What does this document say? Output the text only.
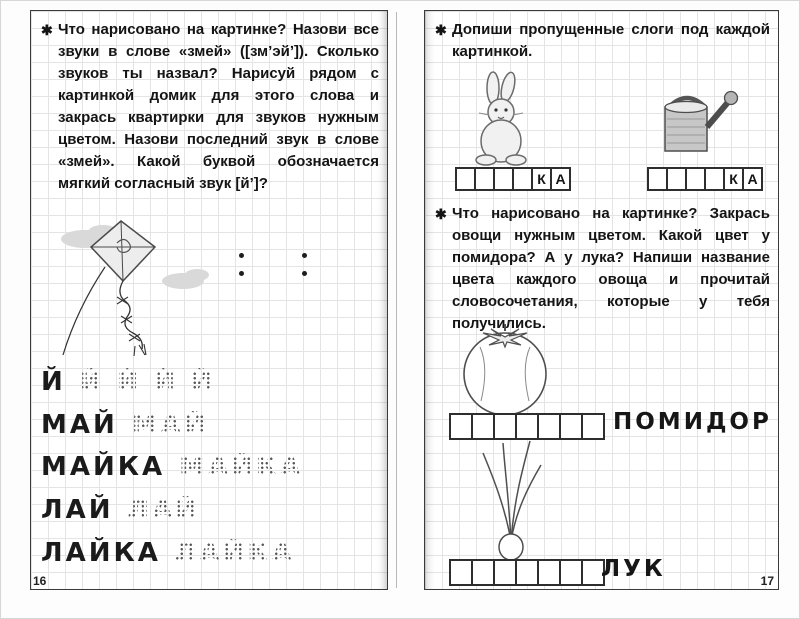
✱ Что нарисовано на картинке? Назови все звуки в слове «змей» ([зм’эй’]). Сколько звуков ты назвал? Нарисуй рядом с картинкой домик для этого слова и закрась квартирки для звуков нужным цветом. Назови последний звук в слове «змей». Какой буквой обозначается мягкий согласный звук [й’]?
Й Й Й Й Й
МАЙ МАЙ
МАЙКА МАЙКА
ЛАЙ ЛАЙ
ЛАЙКА ЛАЙКА
16
✱ Допиши пропущенные слоги под каждой картинкой.
К А	К А
✱ Что нарисовано на картинке? Закрась овощи нужным цветом. Какой цвет у помидора? А у лука? Напиши название цвета каждого овоща и прочитай словосочетания, которые у тебя получились.
ПОМИДОР
ЛУК	17
